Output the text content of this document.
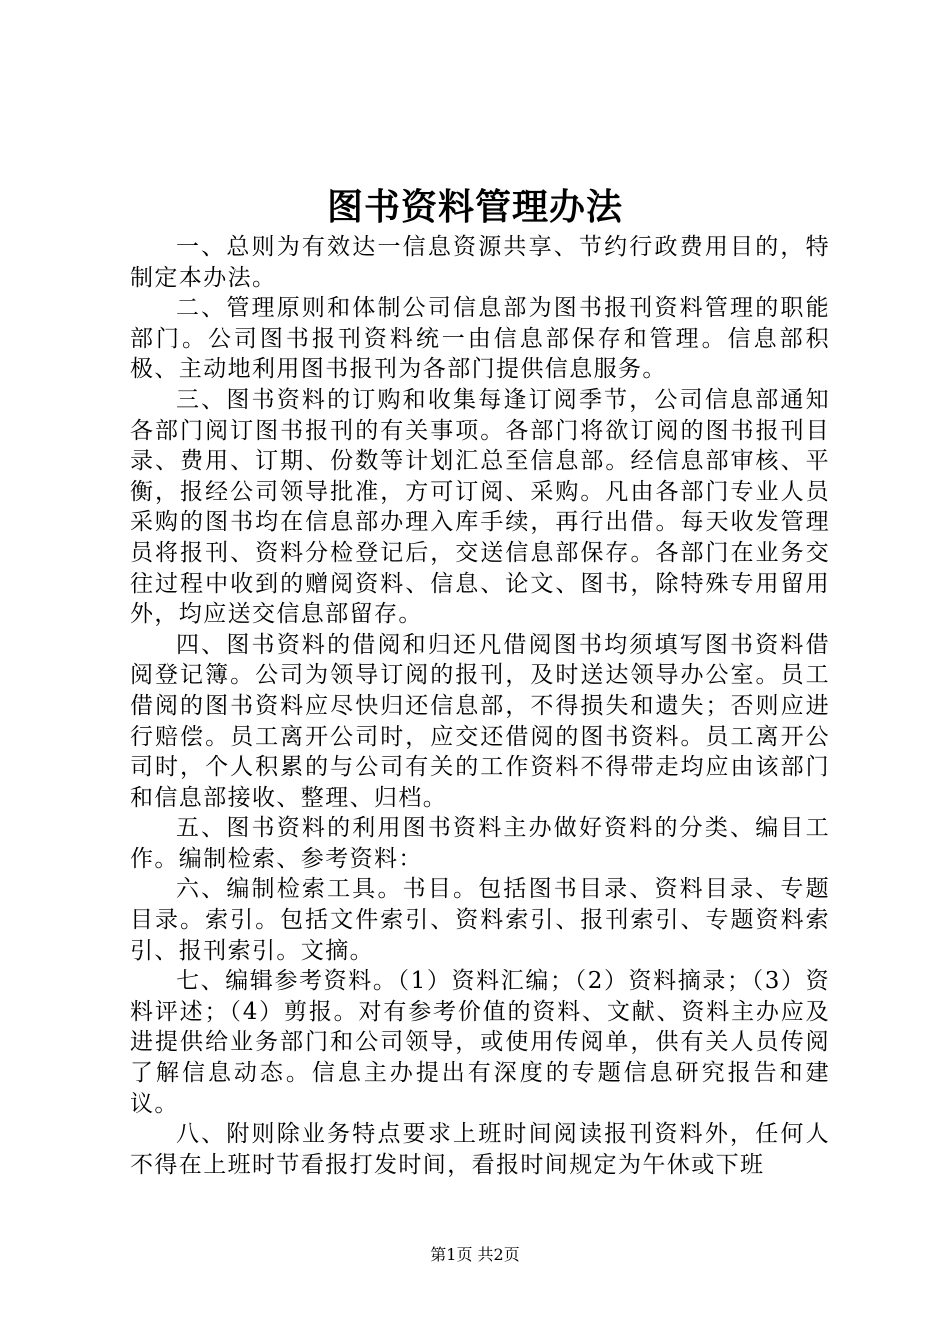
图书资料管理办法

一、总则为有效达一信息资源共享、节约行政费用目的，特制定本办法。

二、管理原则和体制公司信息部为图书报刊资料管理的职能部门。公司图书报刊资料统一由信息部保存和管理。信息部积极、主动地利用图书报刊为各部门提供信息服务。

三、图书资料的订购和收集每逢订阅季节，公司信息部通知各部门阅订图书报刊的有关事项。各部门将欲订阅的图书报刊目录、费用、订期、份数等计划汇总至信息部。经信息部审核、平衡，报经公司领导批准，方可订阅、采购。凡由各部门专业人员采购的图书均在信息部办理入库手续，再行出借。每天收发管理员将报刊、资料分检登记后，交送信息部保存。各部门在业务交往过程中收到的赠阅资料、信息、论文、图书，除特殊专用留用外，均应送交信息部留存。

四、图书资料的借阅和归还凡借阅图书均须填写图书资料借阅登记簿。公司为领导订阅的报刊，及时送达领导办公室。员工借阅的图书资料应尽快归还信息部，不得损失和遗失；否则应进行赔偿。员工离开公司时，应交还借阅的图书资料。员工离开公司时，个人积累的与公司有关的工作资料不得带走均应由该部门和信息部接收、整理、归档。

五、图书资料的利用图书资料主办做好资料的分类、编目工作。编制检索、参考资料：

六、编制检索工具。书目。包括图书目录、资料目录、专题目录。索引。包括文件索引、资料索引、报刊索引、专题资料索引、报刊索引。文摘。

七、编辑参考资料。（1）资料汇编；（2）资料摘录；（3）资料评述；（4）剪报。对有参考价值的资料、文献、资料主办应及进提供给业务部门和公司领导，或使用传阅单，供有关人员传阅了解信息动态。信息主办提出有深度的专题信息研究报告和建议。

八、附则除业务特点要求上班时间阅读报刊资料外，任何人不得在上班时节看报打发时间，看报时间规定为午休或下班

第1页 共2页
